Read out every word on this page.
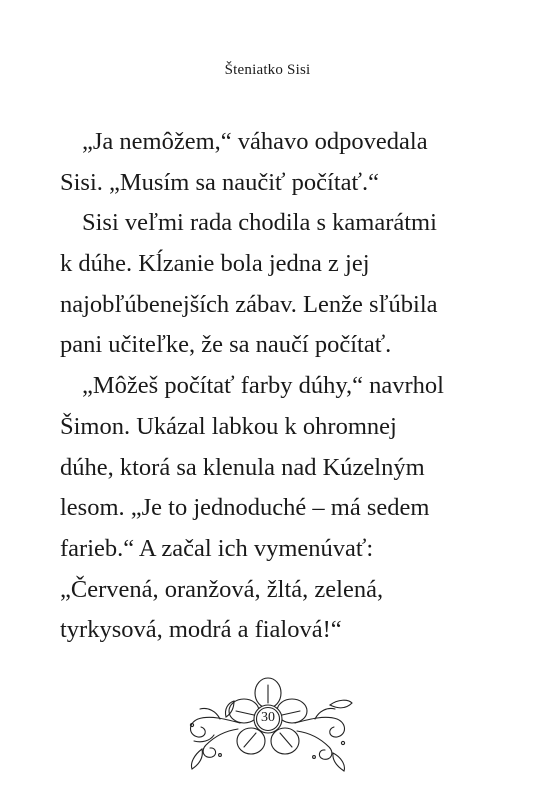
Šteniatko Sisi
„Ja nemôžem,“ váhavo odpovedala
Sisi. „Musím sa naučiť počítať.“
Sisi veľmi rada chodila s kamarátmi
k dúhe. Kĺzanie bola jedna z jej
najobľúbenejších zábav. Lenže sľúbila
pani učiteľke, že sa naučí počítať.
„Môžeš počítať farby dúhy,“ navrhol
Šimon. Ukázal labkou k ohromnej
dúhe, ktorá sa klenula nad Kúzelným
lesom. „Je to jednoduché – má sedem
farieb.“ A začal ich vymenúvať:
„Červená, oranžová, žltá, zelená,
tyrkysová, modrá a fialová!“
30
